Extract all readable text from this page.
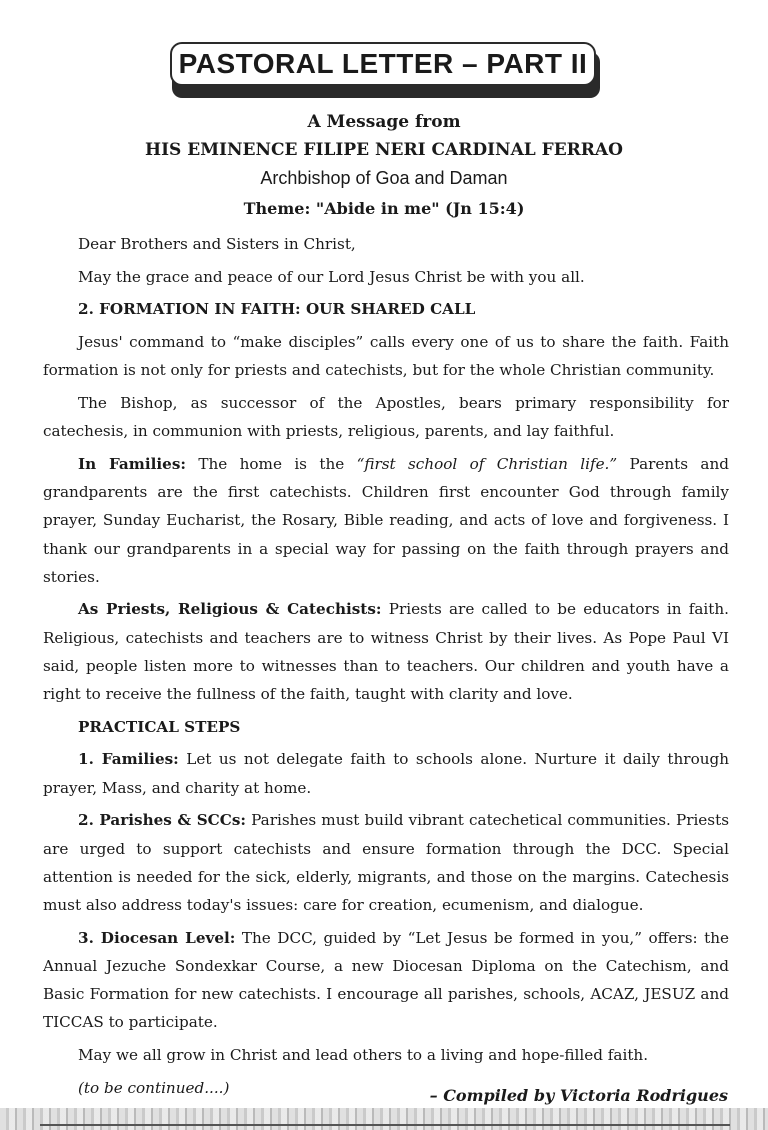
PASTORAL LETTER – PART II
A Message from
HIS EMINENCE FILIPE NERI CARDINAL FERRAO
Archbishop of Goa and Daman
Theme: "Abide in me" (Jn 15:4)

Dear Brothers and Sisters in Christ,

May the grace and peace of our Lord Jesus Christ be with you all.

2. FORMATION IN FAITH: OUR SHARED CALL

Jesus' command to “make disciples” calls every one of us to share the faith. Faith formation is not only for priests and catechists, but for the whole Christian community.

The Bishop, as successor of the Apostles, bears primary responsibility for catechesis, in communion with priests, religious, parents, and lay faithful.

In Families: The home is the “first school of Christian life.” Parents and grandparents are the first catechists. Children first encounter God through family prayer, Sunday Eucharist, the Rosary, Bible reading, and acts of love and forgiveness. I thank our grandparents in a special way for passing on the faith through prayers and stories.

As Priests, Religious & Catechists: Priests are called to be educators in faith. Religious, catechists and teachers are to witness Christ by their lives. As Pope Paul VI said, people listen more to witnesses than to teachers. Our children and youth have a right to receive the fullness of the faith, taught with clarity and love.

PRACTICAL STEPS

1. Families: Let us not delegate faith to schools alone. Nurture it daily through prayer, Mass, and charity at home.

2. Parishes & SCCs: Parishes must build vibrant catechetical communities. Priests are urged to support catechists and ensure formation through the DCC. Special attention is needed for the sick, elderly, migrants, and those on the margins. Catechesis must also address today's issues: care for creation, ecumenism, and dialogue.

3. Diocesan Level: The DCC, guided by “Let Jesus be formed in you,” offers: the Annual Jezuche Sondexkar Course, a new Diocesan Diploma on the Catechism, and Basic Formation for new catechists. I encourage all parishes, schools, ACAZ, JESUZ and TICCAS to participate.

May we all grow in Christ and lead others to a living and hope-filled faith.

(to be continued....)	– Compiled by Victoria Rodrigues
